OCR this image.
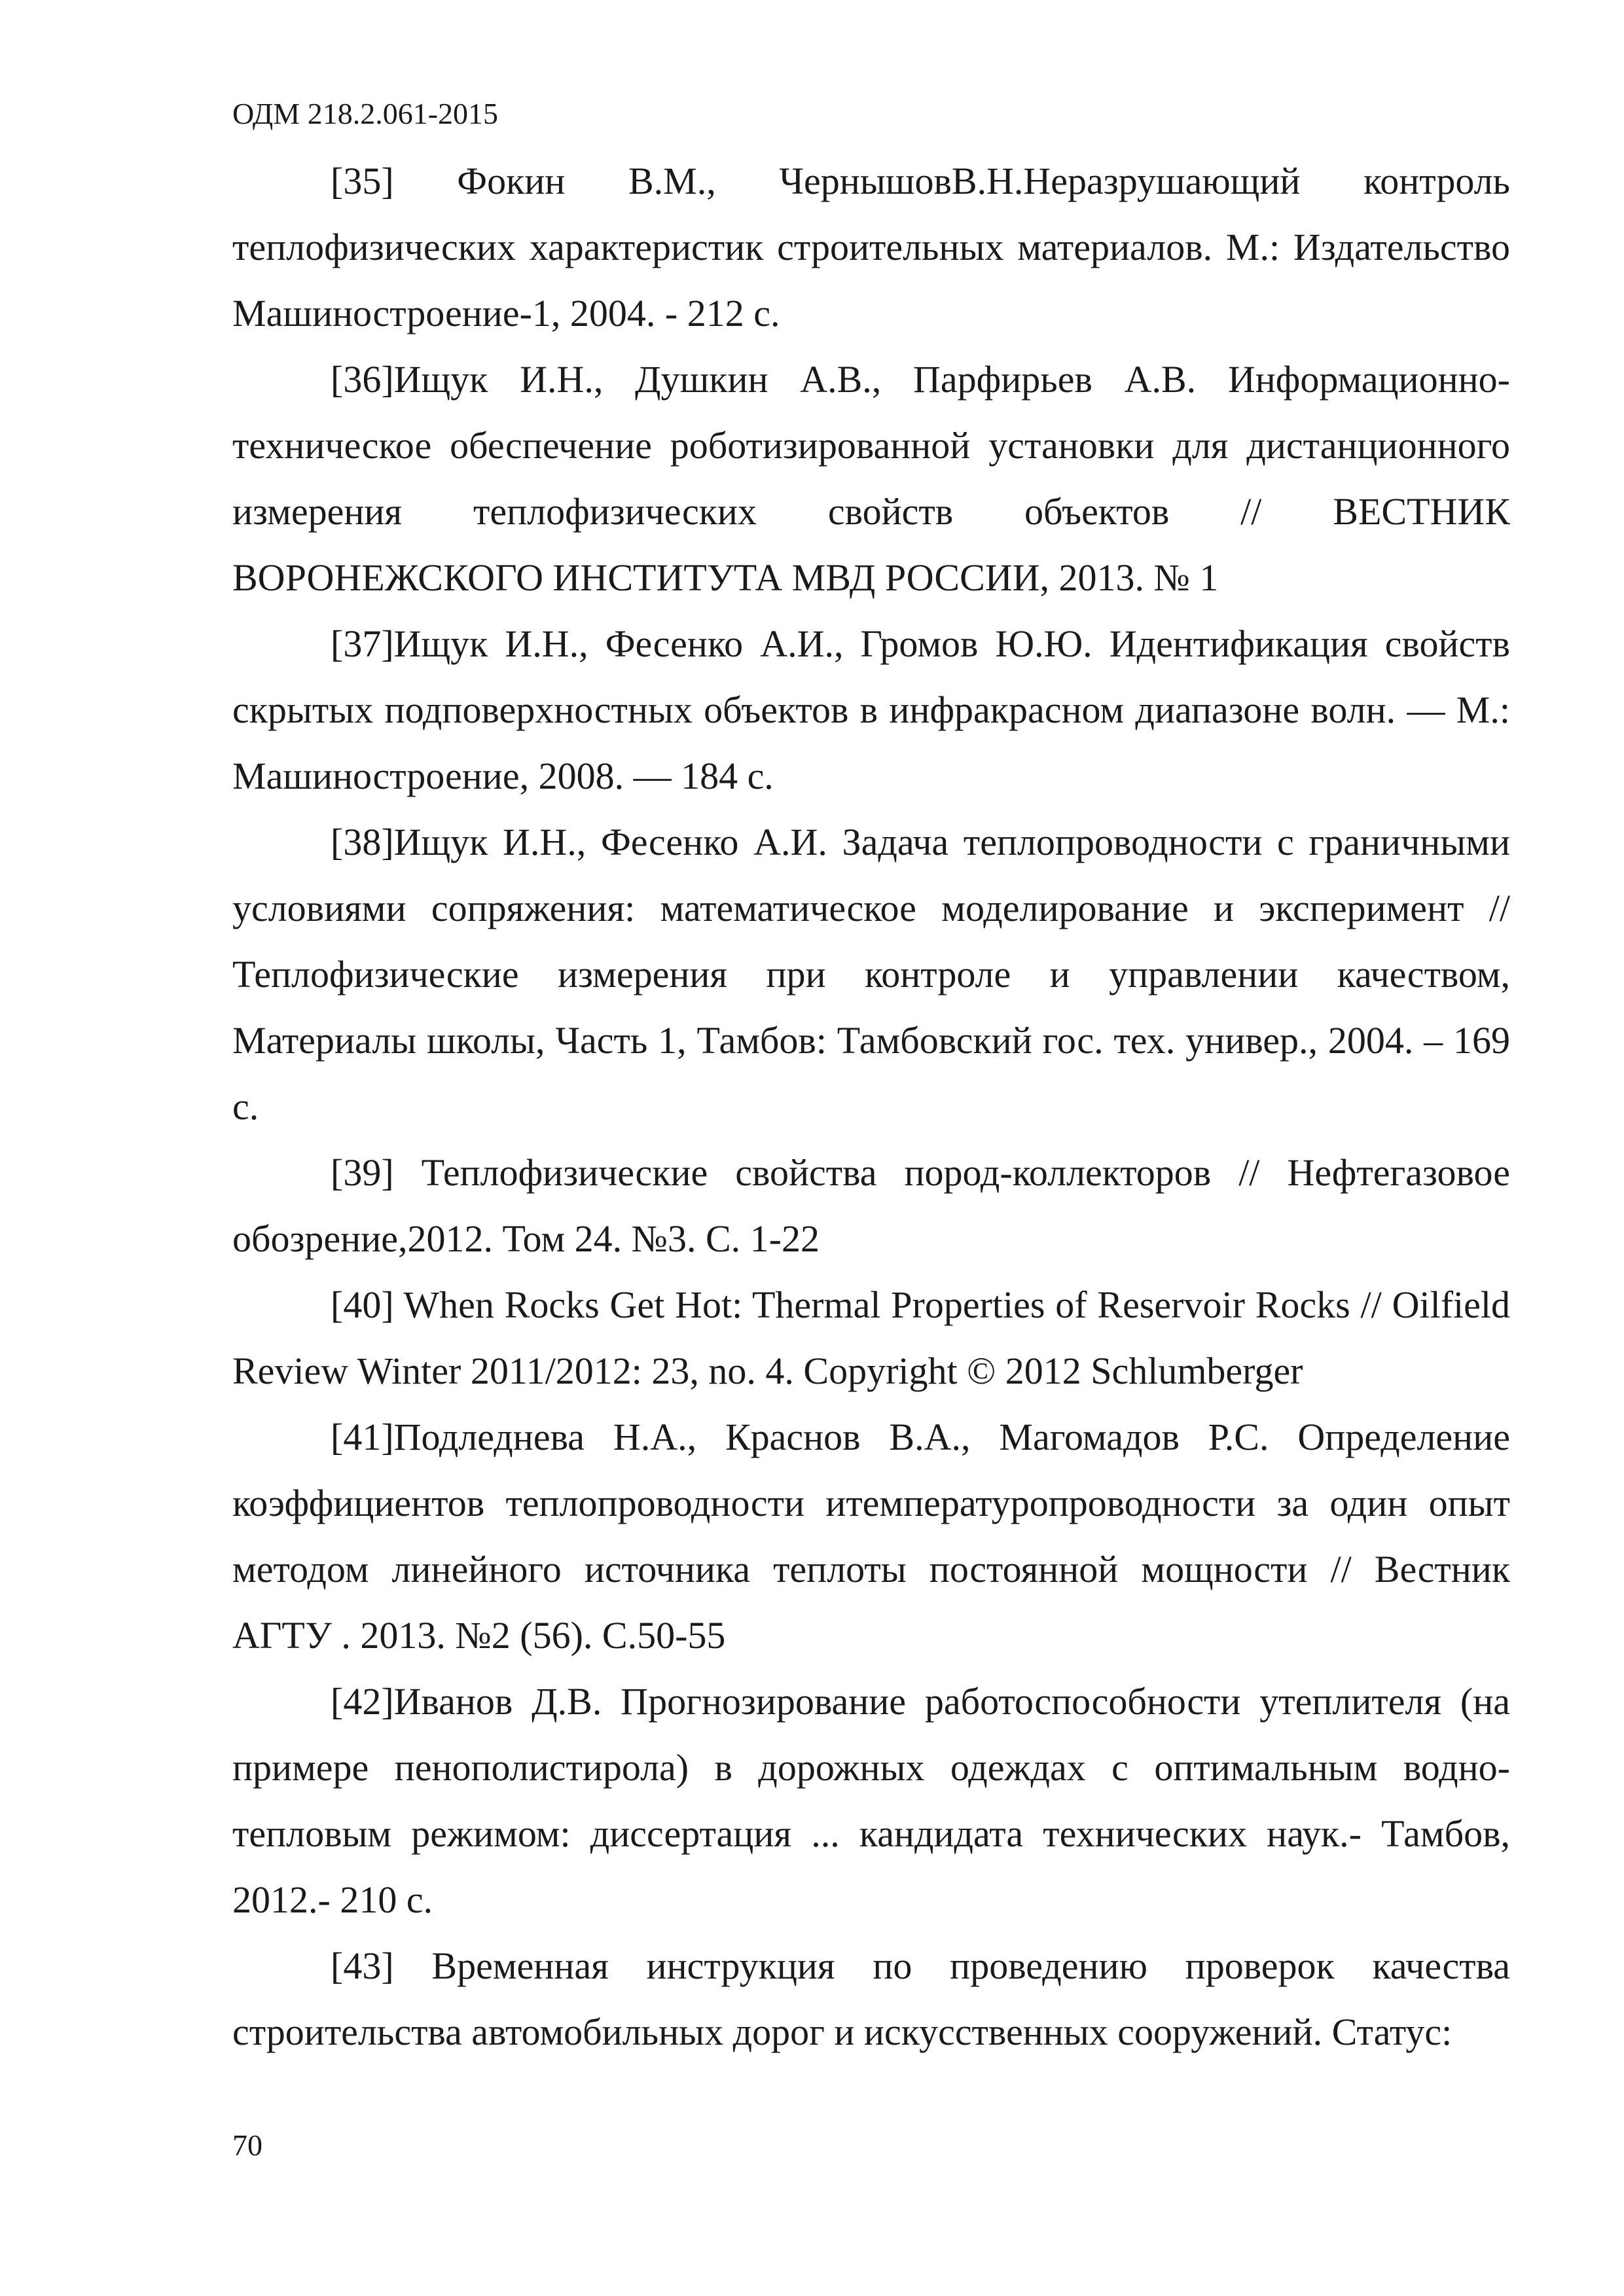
ОДМ 218.2.061-2015

[35] Фокин В.М., ЧернышовВ.Н.Неразрушающий контроль теплофизических характеристик строительных материалов. М.: Издательство Машиностроение-1, 2004. - 212 с.

[36]Ищук И.Н., Душкин А.В., Парфирьев А.В. Информационно-техническое обеспечение роботизированной установки для дистанционного измерения теплофизических свойств объектов // ВЕСТНИК ВОРОНЕЖСКОГО ИНСТИТУТА МВД РОССИИ, 2013. № 1

[37]Ищук И.Н., Фесенко А.И., Громов Ю.Ю. Идентификация свойств скрытых подповерхностных объектов в инфракрасном диапазоне волн. — М.: Машиностроение, 2008. — 184 с.

[38]Ищук И.Н., Фесенко А.И. Задача теплопроводности с граничными условиями сопряжения: математическое моделирование и эксперимент // Теплофизические измерения при контроле и управлении качеством, Материалы школы, Часть 1, Тамбов: Тамбовский гос. тех. универ., 2004. – 169 с.

[39] Теплофизические свойства пород-коллекторов // Нефтегазовое обозрение,2012. Том 24. №3. С. 1-22

[40] When Rocks Get Hot: Thermal Properties of Reservoir Rocks // Oilfield Review Winter 2011/2012: 23, no. 4. Copyright © 2012 Schlumberger

[41]Подледнева Н.А., Краснов В.А., Магомадов Р.С. Определение коэффициентов теплопроводности итемпературопроводности за один опыт методом линейного источника теплоты постоянной мощности // Вестник АГТУ . 2013. №2 (56). С.50-55

[42]Иванов Д.В. Прогнозирование работоспособности утеплителя (на примере пенополистирола) в дорожных одеждах с оптимальным водно-тепловым режимом: диссертация ... кандидата технических наук.- Тамбов, 2012.- 210 с.

[43] Временная инструкция по проведению проверок качества строительства автомобильных дорог и искусственных сооружений. Статус:

70
